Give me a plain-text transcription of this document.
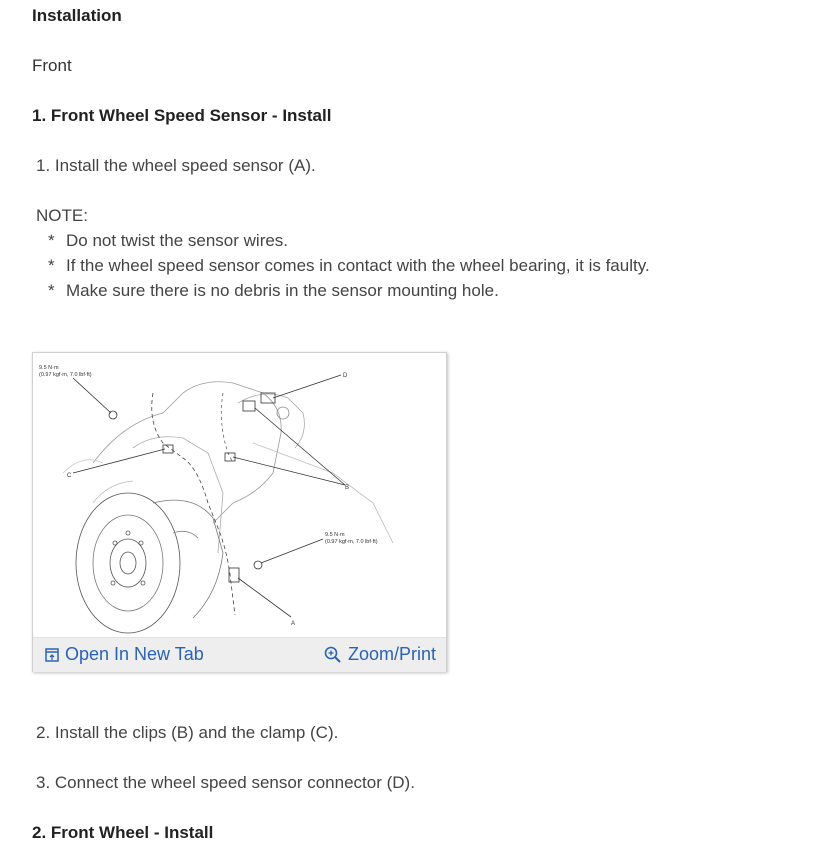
Installation
Front
1. Front Wheel Speed Sensor - Install
1. Install the wheel speed sensor (A).
NOTE:
* Do not twist the sensor wires.
* If the wheel speed sensor comes in contact with the wheel bearing, it is faulty.
* Make sure there is no debris in the sensor mounting hole.
9.5 N·m
(0.97 kgf·m, 7.0 lbf·ft)
9.5 N·m
(0.97 kgf·m, 7.0 lbf·ft)
D
B
C
A
Open In New Tab	Zoom/Print
2. Install the clips (B) and the clamp (C).
3. Connect the wheel speed sensor connector (D).
2. Front Wheel - Install
